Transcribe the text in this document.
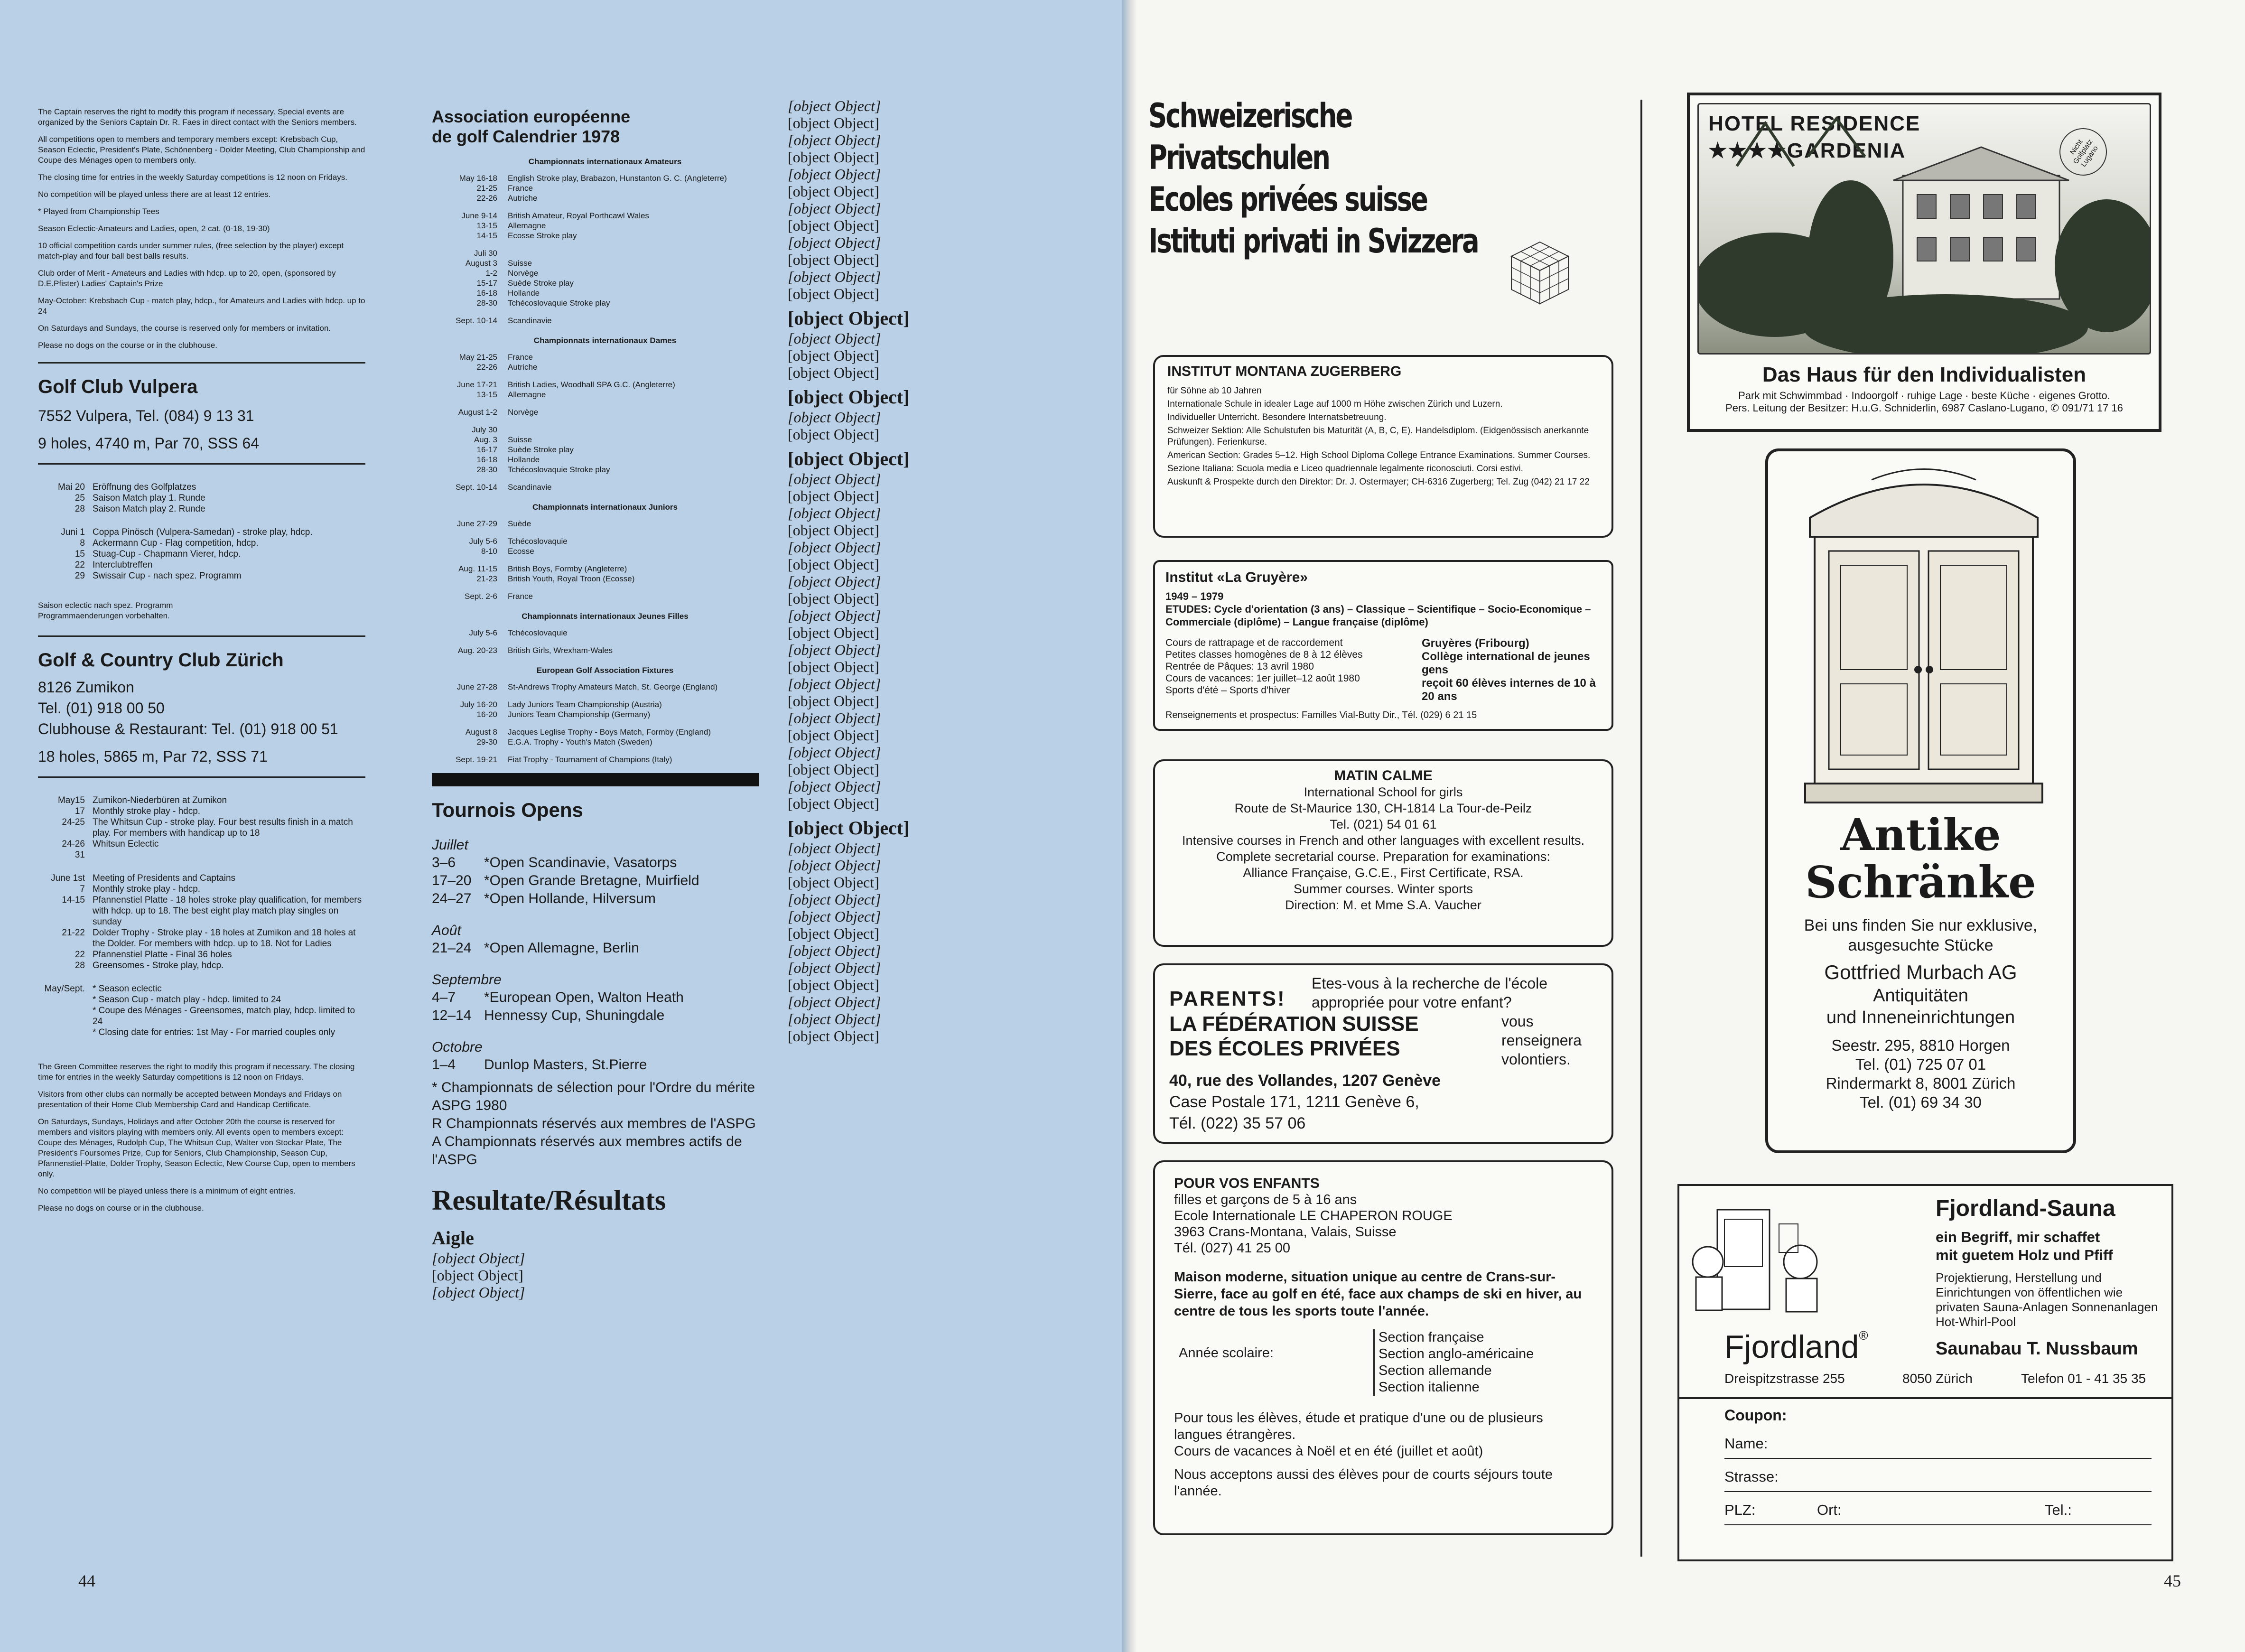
The Captain reserves the right to modify this program if necessary. Special events are organized by the Seniors Captain Dr. R. Faes in direct contact with the Seniors members.
All competitions open to members and temporary members except: Krebsbach Cup, Season Eclectic, President's Plate, Schönenberg - Dolder Meeting, Club Championship and Coupe des Ménages open to members only.
The closing time for entries in the weekly Saturday competitions is 12 noon on Fridays.
No competition will be played unless there are at least 12 entries.
* Played from Championship Tees
Season Eclectic-Amateurs and Ladies, open, 2 cat. (0-18, 19-30)
10 official competition cards under summer rules, (free selection by the player) except match-play and four ball best balls results.
Club order of Merit - Amateurs and Ladies with hdcp. up to 20, open, (sponsored by D.E.Pfister) Ladies' Captain's Prize
May-October: Krebsbach Cup - match play, hdcp., for Amateurs and Ladies with hdcp. up to 24
On Saturdays and Sundays, the course is reserved only for members or invitation.
Please no dogs on the course or in the clubhouse.
Golf Club Vulpera
7552 Vulpera, Tel. (084) 9 13 31
9 holes, 4740 m, Par 70, SSS 64
Mai 20 Eröffnung des Golfplatzes
25 Saison Match play 1. Runde
28 Saison Match play 2. Runde
Juni 1 Coppa Pinösch (Vulpera-Samedan) - stroke play, hdcp.
8 Ackermann Cup - Flag competition, hdcp.
15 Stuag-Cup - Chapmann Vierer, hdcp.
22 Interclubtreffen
29 Swissair Cup - nach spez. Programm
Saison eclectic nach spez. Programm Programmaenderungen vorbehalten.
Golf & Country Club Zürich
8126 Zumikon
Tel. (01) 918 00 50
Clubhouse & Restaurant: Tel. (01) 918 00 51
18 holes, 5865 m, Par 72, SSS 71
May15 Zumikon-Niederbüren at Zumikon
17 Monthly stroke play - hdcp.
24-25 The Whitsun Cup - stroke play. Four best results finish in a match play. For members with handicap up to 18
24-26 Whitsun Eclectic
31
June 1st Meeting of Presidents and Captains
7 Monthly stroke play - hdcp.
14-15 Pfannenstiel Platte - 18 holes stroke play qualification, for members with hdcp. up to 18. The best eight play match play singles on sunday
21-22 Dolder Trophy - Stroke play - 18 holes at Zumikon and 18 holes at the Dolder. For members with hdcp. up to 18. Not for Ladies
22 Pfannenstiel Platte - Final 36 holes
28 Greensomes - Stroke play, hdcp.
May/Sept. * Season eclectic
* Season Cup - match play - hdcp. limited to 24
* Coupe des Ménages - Greensomes, match play, hdcp. limited to 24
* Closing date for entries: 1st May - For married couples only
The Green Committee reserves the right to modify this program if necessary. The closing time for entries in the weekly Saturday competitions is 12 noon on Fridays.
Visitors from other clubs can normally be accepted between Mondays and Fridays on presentation of their Home Club Membership Card and Handicap Certificate.
On Saturdays, Sundays, Holidays and after October 20th the course is reserved for members and visitors playing with members only. All events open to members except: Coupe des Ménages, Rudolph Cup, The Whitsun Cup, Walter von Stockar Plate, The President's Foursomes Prize, Cup for Seniors, Club Championship, Season Cup, Pfannenstiel-Platte, Dolder Trophy, Season Eclectic, New Course Cup, open to members only.
No competition will be played unless there is a minimum of eight entries.
Please no dogs on course or in the clubhouse.
44
Association européenne de golf Calendrier 1978
Championnats internationaux Amateurs
May 16-18	English Stroke play, Brabazon, Hunstanton G. C. (Angleterre)
21-25	France
22-26	Autriche
June 9-14	British Amateur, Royal Porthcawl Wales
13-15	Allemagne
14-15	Ecosse Stroke play
Juli 30
August 3	Suisse
1-2	Norvège
15-17	Suède Stroke play
16-18	Hollande
28-30	Tchécoslovaquie Stroke play
Sept. 10-14	Scandinavie
Championnats internationaux Dames
May 21-25	France
22-26	Autriche
June 17-21	British Ladies, Woodhall SPA G.C. (Angleterre)
13-15	Allemagne
August 1-2	Norvège
July 30
Aug. 3	Suisse
16-17	Suède Stroke play
16-18	Hollande
28-30	Tchécoslovaquie Stroke play
Sept. 10-14	Scandinavie
Championnats internationaux Juniors
June 27-29	Suède
July 5-6	Tchécoslovaquie
8-10	Ecosse
Aug. 11-15	British Boys, Formby (Angleterre)
21-23	British Youth, Royal Troon (Ecosse)
Sept. 2-6	France
Championnats internationaux Jeunes Filles
July 5-6	Tchécoslovaquie
Aug. 20-23	British Girls, Wrexham-Wales
European Golf Association Fixtures
June 27-28	St-Andrews Trophy Amateurs Match, St. George (England)
July 16-20	Lady Juniors Team Championship (Austria)
16-20	Juniors Team Championship (Germany)
August 8	Jacques Leglise Trophy - Boys Match, Formby (England)
29-30	E.G.A. Trophy - Youth's Match (Sweden)
Sept. 19-21	Fiat Trophy - Tournament of Champions (Italy)
Tournois Opens
Juillet
3–6	*Open Scandinavie, Vasatorps
17–20 *Open Grande Bretagne, Muirfield
24–27 *Open Hollande, Hilversum
Août
21–24 *Open Allemagne, Berlin
Septembre
4–7	*European Open, Walton Heath
12–14 Hennessy Cup, Shuningdale
Octobre
1–4	Dunlop Masters, St.Pierre
* Championnats de sélection pour l'Ordre du mérite ASPG 1980
R Championnats réservés aux membres de l'ASPG
A Championnats réservés aux membres actifs de l'ASPG
Resultate/Résultats
Aigle
[object Object]
[object Object]
[object Object]
[object Object]
[object Object]
[object Object]
[object Object]
[object Object]
[object Object]
[object Object]
[object Object]
[object Object]
[object Object]
[object Object]
[object Object]
[object Object]
[object Object]
[object Object]
[object Object]
[object Object]
[object Object]
[object Object]
[object Object]
[object Object]
[object Object]
[object Object]
[object Object]
[object Object]
[object Object]
[object Object]
[object Object]
[object Object]
[object Object]
[object Object]
[object Object]
[object Object]
[object Object]
[object Object]
[object Object]
[object Object]
[object Object]
[object Object]
[object Object]
[object Object]
[object Object]
[object Object]
[object Object]
[object Object]
[object Object]
[object Object]
[object Object]
[object Object]
[object Object]
[object Object]
[object Object]
[object Object]
Schweizerische Privatschulen
Ecoles privées suisse
Istituti privati in Svizzera
INSTITUT MONTANA ZUGERBERG
für Söhne ab 10 Jahren
Internationale Schule in idealer Lage auf 1000 m Höhe zwischen Zürich und Luzern.
Individueller Unterricht. Besondere Internatsbetreuung.
Schweizer Sektion: Alle Schulstufen bis Maturität (A, B, C, E). Handelsdiplom. (Eidgenössisch anerkannte Prüfungen). Ferienkurse.
American Section: Grades 5–12. High School Diploma College Entrance Examinations. Summer Courses.
Sezione Italiana: Scuola media e Liceo quadriennale legalmente riconosciuti. Corsi estivi.
Auskunft & Prospekte durch den Direktor: Dr. J. Ostermayer; CH-6316 Zugerberg; Tel. Zug (042) 21 17 22
Institut «La Gruyère»
1949 – 1979
ETUDES: Cycle d'orientation (3 ans) – Classique – Scientifique – Socio-Economique – Commerciale (diplôme) – Langue française (diplôme)
Cours de rattrapage et de raccordement
Petites classes homogènes de 8 à 12 élèves
Rentrée de Pâques: 13 avril 1980
Cours de vacances: 1er juillet–12 août 1980
Sports d'été – Sports d'hiver
Gruyères (Fribourg)
Collège international de jeunes gens
reçoit 60 élèves internes de 10 à 20 ans
Renseignements et prospectus: Familles Vial-Butty Dir., Tél. (029) 6 21 15
MATIN CALME
International School for girls
Route de St-Maurice 130, CH-1814 La Tour-de-Peilz
Tel. (021) 54 01 61
Intensive courses in French and other languages with excellent results. Complete secretarial course. Preparation for examinations:
Alliance Française, G.C.E., First Certificate, RSA.
Summer courses. Winter sports
Direction: M. et Mme S.A. Vaucher
PARENTS!
Etes-vous à la recherche de l'école appropriée pour votre enfant?
LA FÉDÉRATION SUISSE
DES ÉCOLES PRIVÉES
vous renseignera volontiers.
40, rue des Vollandes, 1207 Genève
Case Postale 171, 1211 Genève 6,
Tél. (022) 35 57 06
POUR VOS ENFANTS
filles et garçons de 5 à 16 ans
Ecole Internationale LE CHAPERON ROUGE
3963 Crans-Montana, Valais, Suisse
Tél. (027) 41 25 00
Maison moderne, situation unique au centre de Crans-sur-Sierre, face au golf en été, face aux champs de ski en hiver, au centre de tous les sports toute l'année.
Année scolaire:
Section française
Section anglo-américaine
Section allemande
Section italienne
Pour tous les élèves, étude et pratique d'une ou de plusieurs langues étrangères.
Cours de vacances à Noël et en été (juillet et août)
Nous acceptons aussi des élèves pour de courts séjours toute l'année.
HOTEL RESIDENCE
★★★★GARDENIA	Nicht Golfplatz Lugano
Das Haus für den Individualisten
Park mit Schwimmbad · Indoorgolf · ruhige Lage · beste Küche · eigenes Grotto.
Pers. Leitung der Besitzer: H.u.G. Schniderlin, 6987 Caslano-Lugano, ✆ 091/71 17 16
Antike
Schränke
Bei uns finden Sie nur exklusive,
ausgesuchte Stücke
Gottfried Murbach AG
Antiquitäten
und Inneneinrichtungen
Seestr. 295, 8810 Horgen
Tel. (01) 725 07 01
Rindermarkt 8, 8001 Zürich
Tel. (01) 69 34 30
Fjordland-Sauna
ein Begriff, mir schaffet
mit guetem Holz und Pfiff
Projektierung, Herstellung und Einrichtungen von öffentlichen wie privaten Sauna-Anlagen Sonnenanlagen Hot-Whirl-Pool
Fjordland®
Saunabau T. Nussbaum
Dreispitzstrasse 255	8050 Zürich	Telefon 01 - 41 35 35
Coupon:
Name:
Strasse:
PLZ:	Ort:	Tel.:
45
